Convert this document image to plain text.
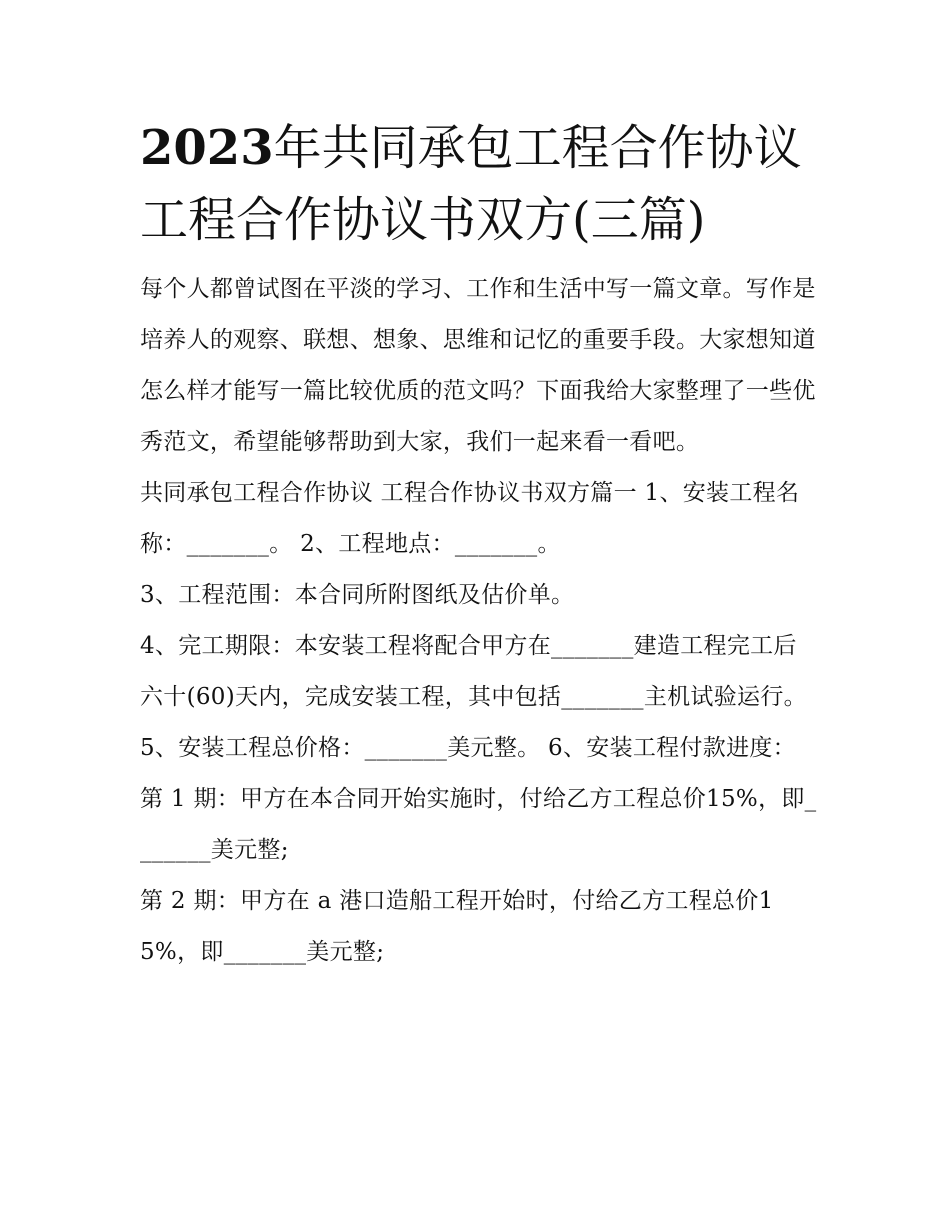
2023年共同承包工程合作协议
工程合作协议书双方(三篇)

每个人都曾试图在平淡的学习、工作和生活中写一篇文章。写作是培养人的观察、联想、想象、思维和记忆的重要手段。大家想知道怎么样才能写一篇比较优质的范文吗？下面我给大家整理了一些优秀范文，希望能够帮助到大家，我们一起来看一看吧。

共同承包工程合作协议 工程合作协议书双方篇一 1、安装工程名称：_______。 2、工程地点：_______。

3、工程范围：本合同所附图纸及估价单。

4、完工期限：本安装工程将配合甲方在_______建造工程完工后六十(60)天内，完成安装工程，其中包括_______主机试验运行。

5、安装工程总价格：_______美元整。 6、安装工程付款进度： 第 1 期：甲方在本合同开始实施时，付给乙方工程总价15%，即_______美元整;

第 2 期：甲方在 a 港口造船工程开始时，付给乙方工程总价15%，即_______美元整;
